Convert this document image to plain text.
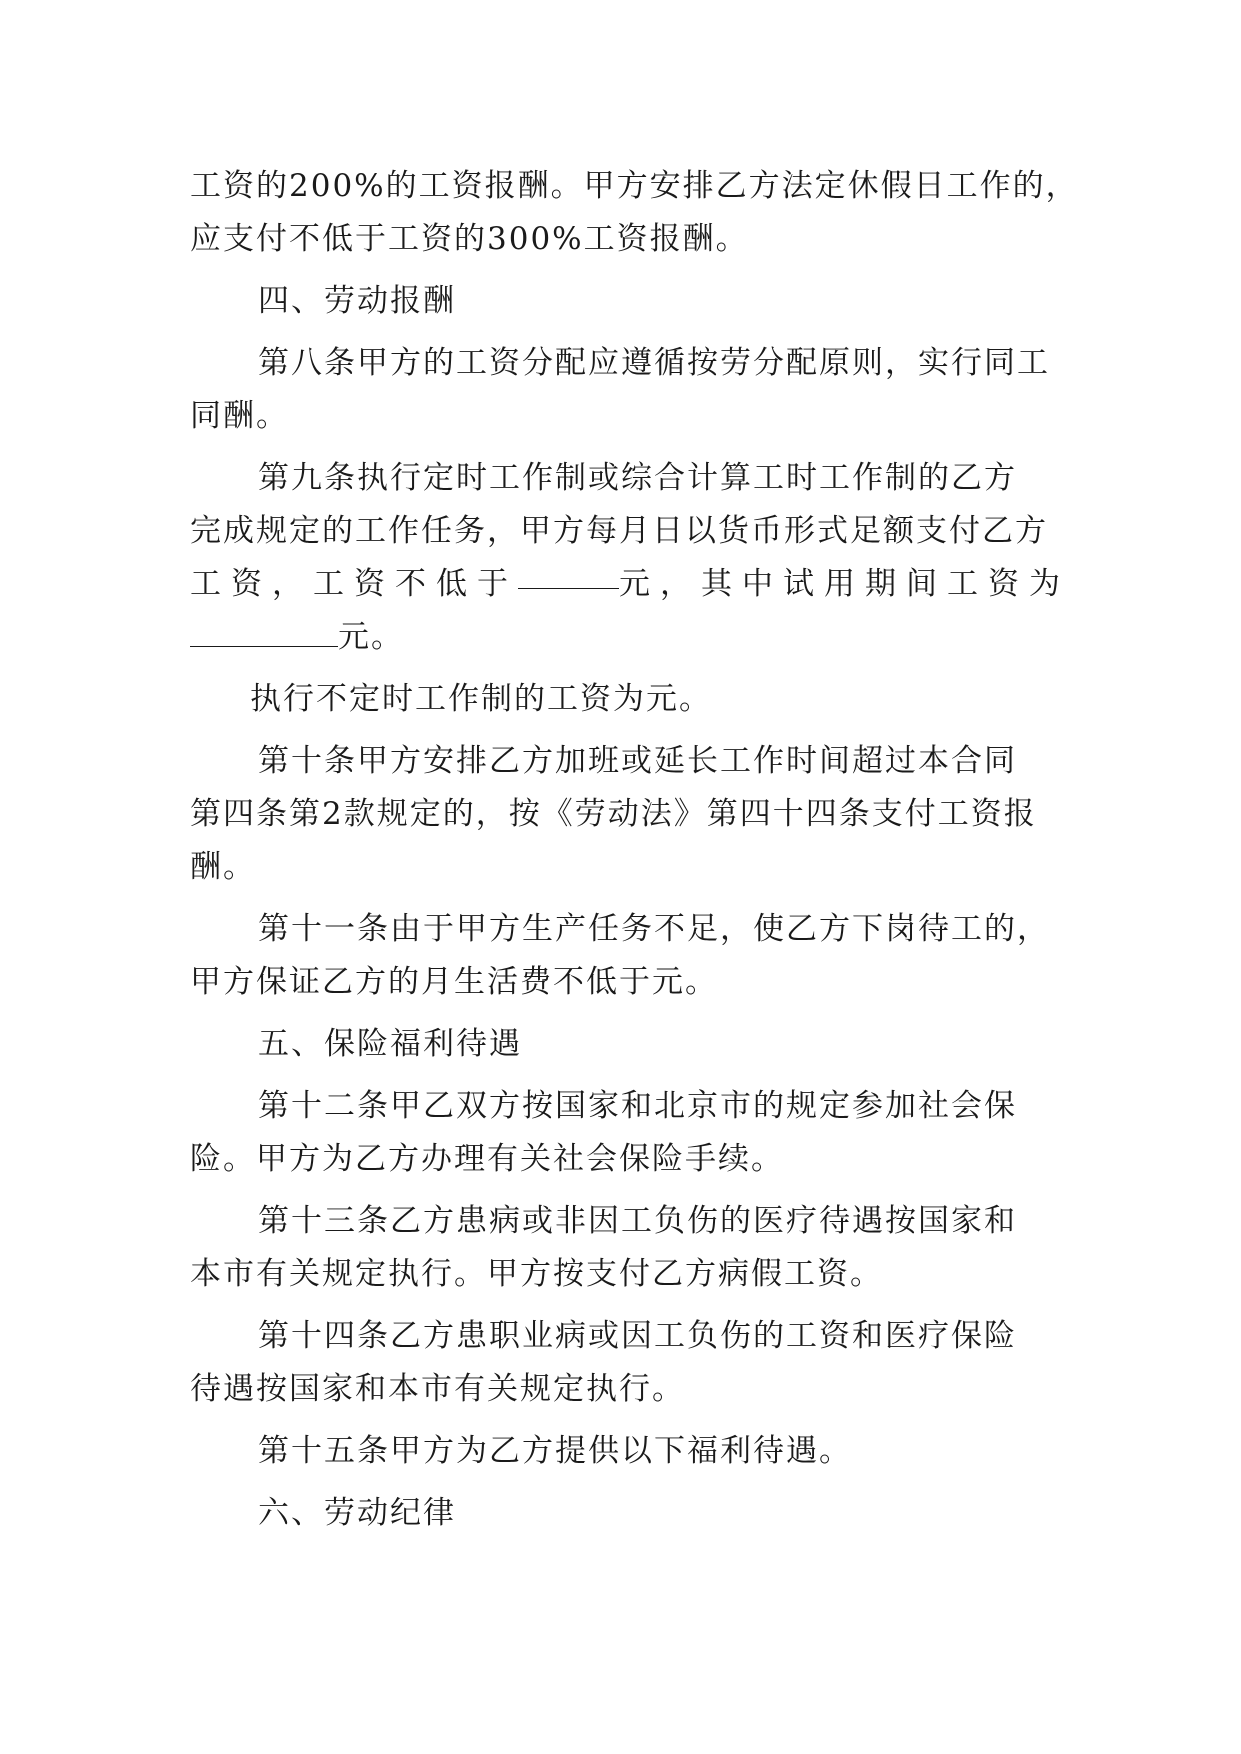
工资的200%的工资报酬。甲方安排乙方法定休假日工作的，
应支付不低于工资的300%工资报酬。
四、劳动报酬
第八条甲方的工资分配应遵循按劳分配原则，实行同工
同酬。
第九条执行定时工作制或综合计算工时工作制的乙方
完成规定的工作任务，甲方每月日以货币形式足额支付乙方
工资，工资不低于	元，其中试用期间工资为
元。
执行不定时工作制的工资为元。
第十条甲方安排乙方加班或延长工作时间超过本合同
第四条第2款规定的，按《劳动法》第四十四条支付工资报
酬。
第十一条由于甲方生产任务不足，使乙方下岗待工的，
甲方保证乙方的月生活费不低于元。
五、保险福利待遇
第十二条甲乙双方按国家和北京市的规定参加社会保
险。甲方为乙方办理有关社会保险手续。
第十三条乙方患病或非因工负伤的医疗待遇按国家和
本市有关规定执行。甲方按支付乙方病假工资。
第十四条乙方患职业病或因工负伤的工资和医疗保险
待遇按国家和本市有关规定执行。
第十五条甲方为乙方提供以下福利待遇。
六、劳动纪律
